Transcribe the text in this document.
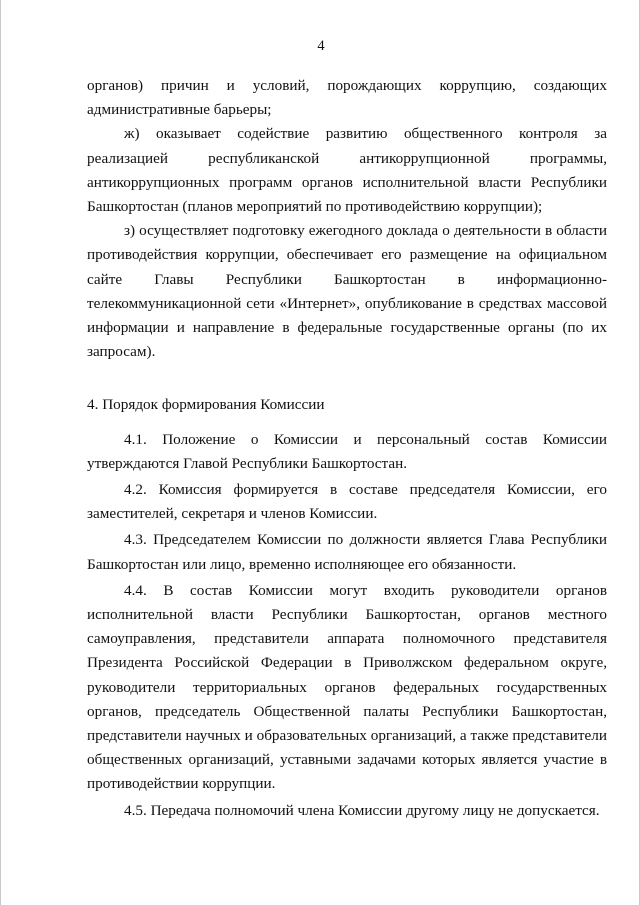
4

органов) причин и условий, порождающих коррупцию, создающих административные барьеры;

ж) оказывает содействие развитию общественного контроля за реализацией республиканской антикоррупционной программы, антикоррупционных программ органов исполнительной власти Республики Башкортостан (планов мероприятий по противодействию коррупции);

з) осуществляет подготовку ежегодного доклада о деятельности в области противодействия коррупции, обеспечивает его размещение на официальном сайте Главы Республики Башкортостан в информационно-телекоммуникационной сети «Интернет», опубликование в средствах массовой информации и направление в федеральные государственные органы (по их запросам).

4. Порядок формирования Комиссии

4.1. Положение о Комиссии и персональный состав Комиссии утверждаются Главой Республики Башкортостан.

4.2. Комиссия формируется в составе председателя Комиссии, его заместителей, секретаря и членов Комиссии.

4.3. Председателем Комиссии по должности является Глава Республики Башкортостан или лицо, временно исполняющее его обязанности.

4.4. В состав Комиссии могут входить руководители органов исполнительной власти Республики Башкортостан, органов местного самоуправления, представители аппарата полномочного представителя Президента Российской Федерации в Приволжском федеральном округе, руководители территориальных органов федеральных государственных органов, председатель Общественной палаты Республики Башкортостан, представители научных и образовательных организаций, а также представители общественных организаций, уставными задачами которых является участие в противодействии коррупции.

4.5. Передача полномочий члена Комиссии другому лицу не допускается.
